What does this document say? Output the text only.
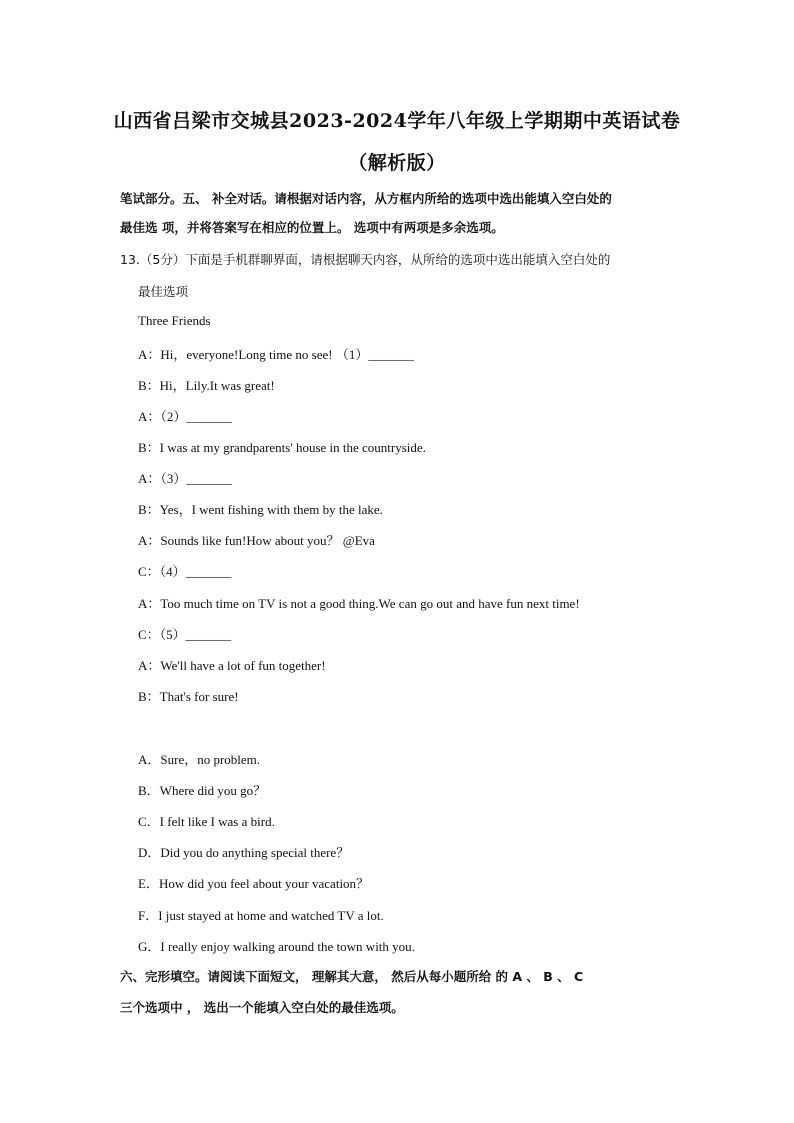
山西省吕梁市交城县2023-2024学年八年级上学期期中英语试卷
（解析版）
笔试部分。五、 补全对话。请根据对话内容，从方框内所给的选项中选出能填入空白处的
最佳选 项，并将答案写在相应的位置上。 选项中有两项是多余选项。
13.（5分）下面是手机群聊界面，请根据聊天内容，从所给的选项中选出能填入空白处的
最佳选项
Three Friends
A：Hi，everyone!Long time no see! （1）_______
B：Hi，Lily.It was great!
A：（2）_______
B：I was at my grandparents' house in the countryside.
A：（3）_______
B：Yes，I went fishing with them by the lake.
A：Sounds like fun!How about you？ @Eva
C：（4）_______
A：Too much time on TV is not a good thing.We can go out and have fun next time!
C：（5）_______
A：We'll have a lot of fun together!
B：That's for sure!
A．Sure，no problem.
B．Where did you go？
C．I felt like I was a bird.
D．Did you do anything special there？
E．How did you feel about your vacation？
F．I just stayed at home and watched TV a lot.
G．I really enjoy walking around the town with you.
六、完形填空。请阅读下面短文， 理解其大意， 然后从每小题所给 的 A 、 B 、 C
三个选项中 ， 选出一个能填入空白处的最佳选项。
